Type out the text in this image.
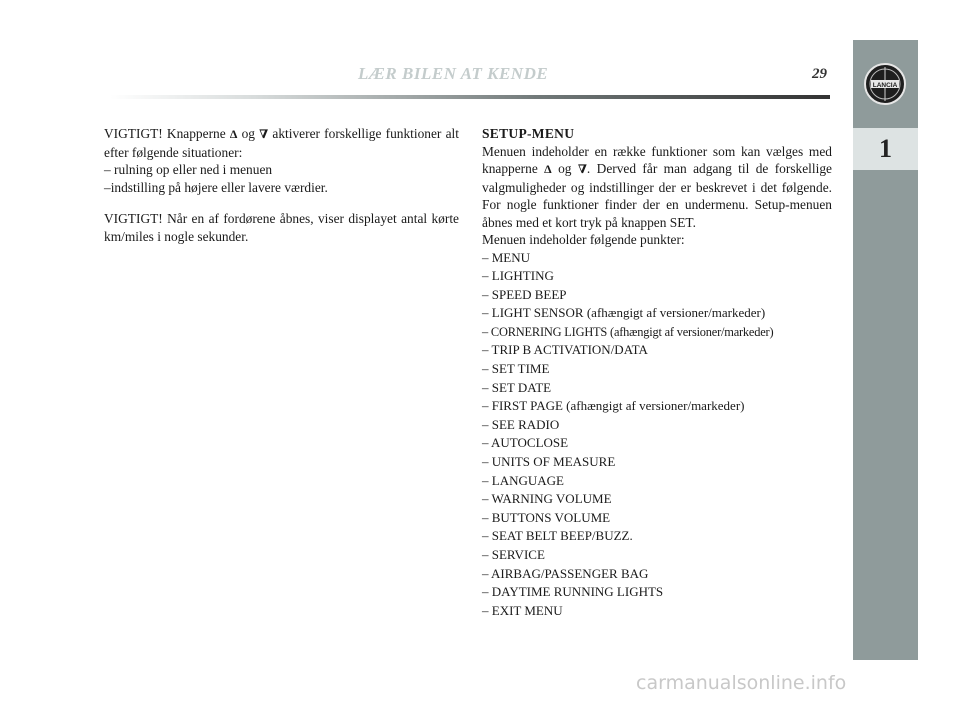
LÆR BILEN AT KENDE	29
LANCIA
1

VIGTIGT! Knapperne Δ og ∇ aktiverer forskellige funktioner alt efter følgende situationer:

– rulning op eller ned i menuen

–indstilling på højere eller lavere værdier.

VIGTIGT! Når en af fordørene åbnes, viser displayet antal kørte km/miles i nogle sekunder.

SETUP-MENU

Menuen indeholder en række funktioner som kan vælges med knapperne Δ og ∇. Derved får man adgang til de forskellige valgmuligheder og indstillinger der er beskrevet i det følgende. For nogle funktioner finder der en undermenu. Setup-menuen åbnes med et kort tryk på knappen SET.

Menuen indeholder følgende punkter:

– MENU
– LIGHTING
– SPEED BEEP
– LIGHT SENSOR (afhængigt af versioner/markeder)
– CORNERING LIGHTS (afhængigt af versioner/markeder)
– TRIP B ACTIVATION/DATA
– SET TIME
– SET DATE
– FIRST PAGE (afhængigt af versioner/markeder)
– SEE RADIO
– AUTOCLOSE
– UNITS OF MEASURE
– LANGUAGE
– WARNING VOLUME
– BUTTONS VOLUME
– SEAT BELT BEEP/BUZZ.
– SERVICE
– AIRBAG/PASSENGER BAG
– DAYTIME RUNNING LIGHTS
– EXIT MENU
carmanualsonline.info
